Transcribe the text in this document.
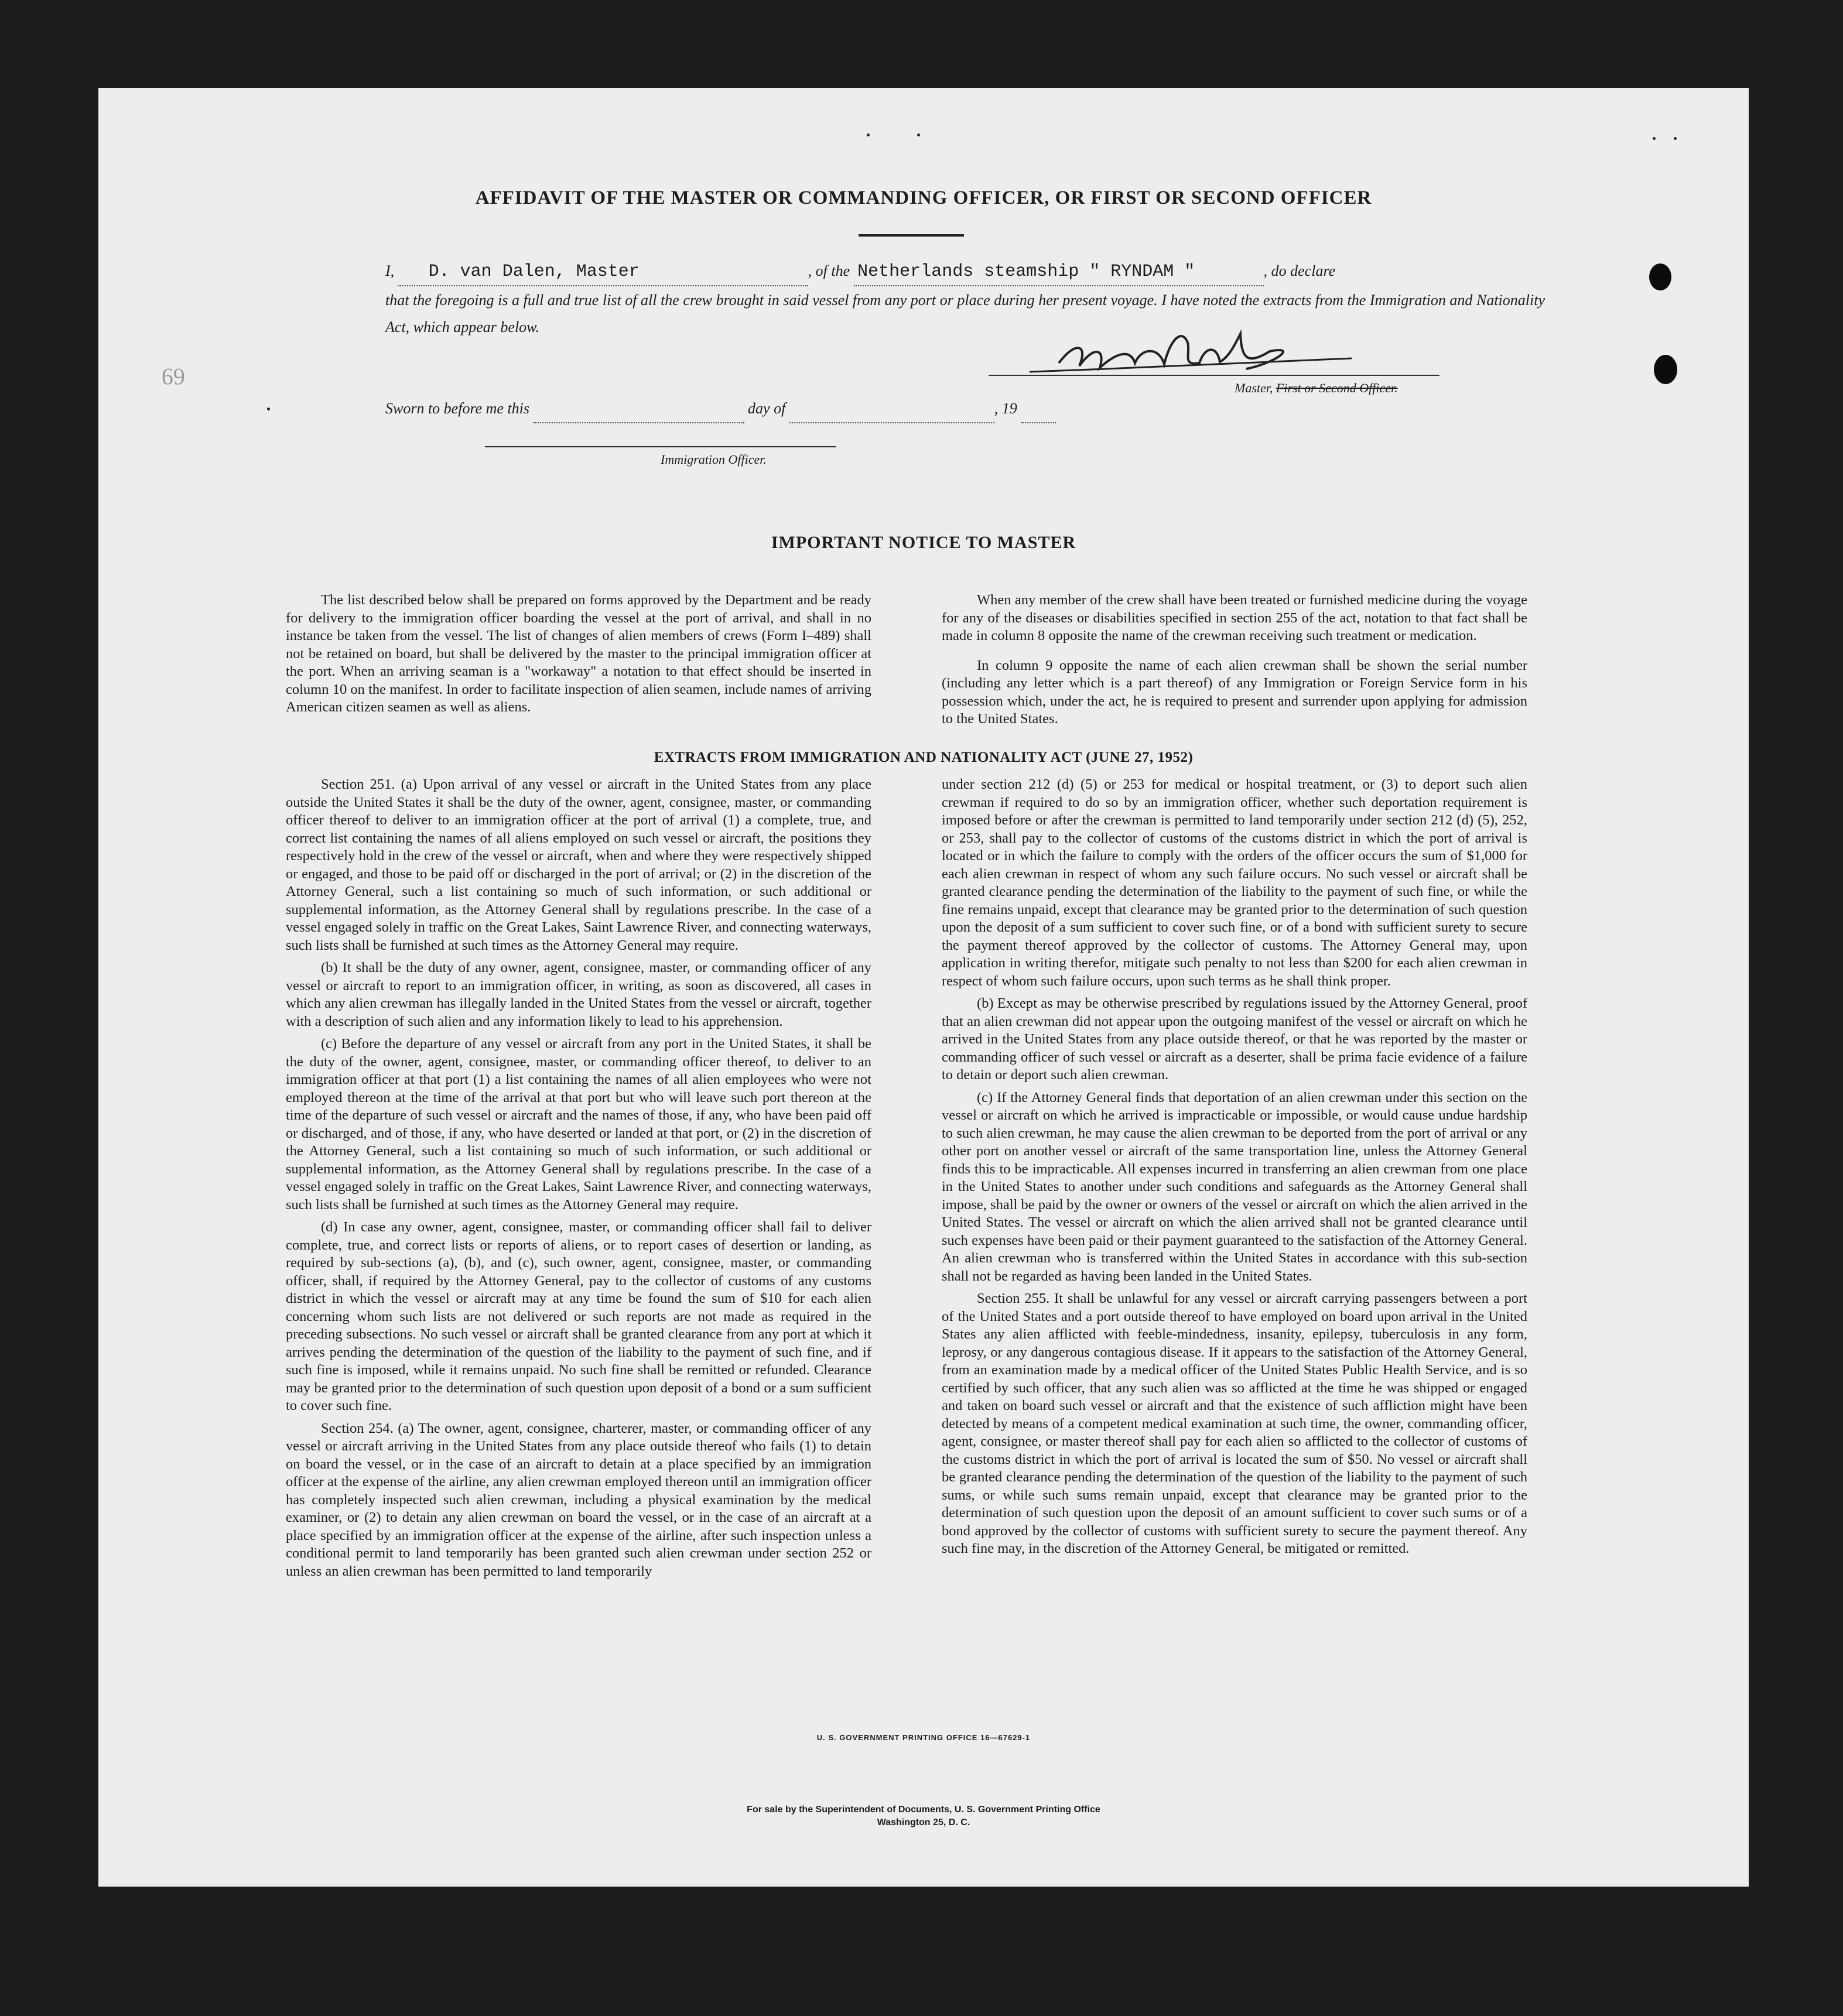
AFFIDAVIT OF THE MASTER OR COMMANDING OFFICER, OR FIRST OR SECOND OFFICER
I, D. van Dalen, Master	, of the Netherlands steamship " RYNDAM "	, do declare
that the foregoing is a full and true list of all the crew brought in said vessel from any port or place during her present voyage. I have noted the extracts from the Immigration and Nationality Act, which appear below.
Master, First or Second Officer.
Sworn to before me this	day of	, 19
Immigration Officer.
IMPORTANT NOTICE TO MASTER

The list described below shall be prepared on forms approved by the Department and be ready for delivery to the immigration officer boarding the vessel at the port of arrival, and shall in no instance be taken from the vessel. The list of changes of alien members of crews (Form I–489) shall not be retained on board, but shall be delivered by the master to the principal immigration officer at the port. When an arriving seaman is a "workaway" a notation to that effect should be inserted in column 10 on the manifest. In order to facilitate inspection of alien seamen, include names of arriving American citizen seamen as well as aliens.

When any member of the crew shall have been treated or furnished medicine during the voyage for any of the diseases or disabilities specified in section 255 of the act, notation to that fact shall be made in column 8 opposite the name of the crewman receiving such treatment or medication.

In column 9 opposite the name of each alien crewman shall be shown the serial number (including any letter which is a part thereof) of any Immigration or Foreign Service form in his possession which, under the act, he is required to present and surrender upon applying for admission to the United States.

EXTRACTS FROM IMMIGRATION AND NATIONALITY ACT (JUNE 27, 1952)

Section 251. (a) Upon arrival of any vessel or aircraft in the United States from any place outside the United States it shall be the duty of the owner, agent, consignee, master, or commanding officer thereof to deliver to an immigration officer at the port of arrival (1) a complete, true, and correct list containing the names of all aliens employed on such vessel or aircraft, the positions they respectively hold in the crew of the vessel or aircraft, when and where they were respectively shipped or engaged, and those to be paid off or discharged in the port of arrival; or (2) in the discretion of the Attorney General, such a list containing so much of such information, or such additional or supplemental information, as the Attorney General shall by regulations prescribe. In the case of a vessel engaged solely in traffic on the Great Lakes, Saint Lawrence River, and connecting waterways, such lists shall be furnished at such times as the Attorney General may require.

(b) It shall be the duty of any owner, agent, consignee, master, or commanding officer of any vessel or aircraft to report to an immigration officer, in writing, as soon as discovered, all cases in which any alien crewman has illegally landed in the United States from the vessel or aircraft, together with a description of such alien and any information likely to lead to his apprehension.

(c) Before the departure of any vessel or aircraft from any port in the United States, it shall be the duty of the owner, agent, consignee, master, or commanding officer thereof, to deliver to an immigration officer at that port (1) a list containing the names of all alien employees who were not employed thereon at the time of the arrival at that port but who will leave such port thereon at the time of the departure of such vessel or aircraft and the names of those, if any, who have been paid off or discharged, and of those, if any, who have deserted or landed at that port, or (2) in the discretion of the Attorney General, such a list containing so much of such information, or such additional or supplemental information, as the Attorney General shall by regulations prescribe. In the case of a vessel engaged solely in traffic on the Great Lakes, Saint Lawrence River, and connecting waterways, such lists shall be furnished at such times as the Attorney General may require.

(d) In case any owner, agent, consignee, master, or commanding officer shall fail to deliver complete, true, and correct lists or reports of aliens, or to report cases of desertion or landing, as required by sub-sections (a), (b), and (c), such owner, agent, consignee, master, or commanding officer, shall, if required by the Attorney General, pay to the collector of customs of any customs district in which the vessel or aircraft may at any time be found the sum of $10 for each alien concerning whom such lists are not delivered or such reports are not made as required in the preceding subsections. No such vessel or aircraft shall be granted clearance from any port at which it arrives pending the determination of the question of the liability to the payment of such fine, and if such fine is imposed, while it remains unpaid. No such fine shall be remitted or refunded. Clearance may be granted prior to the determination of such question upon deposit of a bond or a sum sufficient to cover such fine.

Section 254. (a) The owner, agent, consignee, charterer, master, or commanding officer of any vessel or aircraft arriving in the United States from any place outside thereof who fails (1) to detain on board the vessel, or in the case of an aircraft to detain at a place specified by an immigration officer at the expense of the airline, any alien crewman employed thereon until an immigration officer has completely inspected such alien crewman, including a physical examination by the medical examiner, or (2) to detain any alien crewman on board the vessel, or in the case of an aircraft at a place specified by an immigration officer at the expense of the airline, after such inspection unless a conditional permit to land temporarily has been granted such alien crewman under section 252 or unless an alien crewman has been permitted to land temporarily

under section 212 (d) (5) or 253 for medical or hospital treatment, or (3) to deport such alien crewman if required to do so by an immigration officer, whether such deportation requirement is imposed before or after the crewman is permitted to land temporarily under section 212 (d) (5), 252, or 253, shall pay to the collector of customs of the customs district in which the port of arrival is located or in which the failure to comply with the orders of the officer occurs the sum of $1,000 for each alien crewman in respect of whom any such failure occurs. No such vessel or aircraft shall be granted clearance pending the determination of the liability to the payment of such fine, or while the fine remains unpaid, except that clearance may be granted prior to the determination of such question upon the deposit of a sum sufficient to cover such fine, or of a bond with sufficient surety to secure the payment thereof approved by the collector of customs. The Attorney General may, upon application in writing therefor, mitigate such penalty to not less than $200 for each alien crewman in respect of whom such failure occurs, upon such terms as he shall think proper.

(b) Except as may be otherwise prescribed by regulations issued by the Attorney General, proof that an alien crewman did not appear upon the outgoing manifest of the vessel or aircraft on which he arrived in the United States from any place outside thereof, or that he was reported by the master or commanding officer of such vessel or aircraft as a deserter, shall be prima facie evidence of a failure to detain or deport such alien crewman.

(c) If the Attorney General finds that deportation of an alien crewman under this section on the vessel or aircraft on which he arrived is impracticable or impossible, or would cause undue hardship to such alien crewman, he may cause the alien crewman to be deported from the port of arrival or any other port on another vessel or aircraft of the same transportation line, unless the Attorney General finds this to be impracticable. All expenses incurred in transferring an alien crewman from one place in the United States to another under such conditions and safeguards as the Attorney General shall impose, shall be paid by the owner or owners of the vessel or aircraft on which the alien arrived in the United States. The vessel or aircraft on which the alien arrived shall not be granted clearance until such expenses have been paid or their payment guaranteed to the satisfaction of the Attorney General. An alien crewman who is transferred within the United States in accordance with this sub-section shall not be regarded as having been landed in the United States.

Section 255. It shall be unlawful for any vessel or aircraft carrying passengers between a port of the United States and a port outside thereof to have employed on board upon arrival in the United States any alien afflicted with feeble-mindedness, insanity, epilepsy, tuberculosis in any form, leprosy, or any dangerous contagious disease. If it appears to the satisfaction of the Attorney General, from an examination made by a medical officer of the United States Public Health Service, and is so certified by such officer, that any such alien was so afflicted at the time he was shipped or engaged and taken on board such vessel or aircraft and that the existence of such affliction might have been detected by means of a competent medical examination at such time, the owner, commanding officer, agent, consignee, or master thereof shall pay for each alien so afflicted to the collector of customs of the customs district in which the port of arrival is located the sum of $50. No vessel or aircraft shall be granted clearance pending the determination of the question of the liability to the payment of such sums, or while such sums remain unpaid, except that clearance may be granted prior to the determination of such question upon the deposit of an amount sufficient to cover such sums or of a bond approved by the collector of customs with sufficient surety to secure the payment thereof. Any such fine may, in the discretion of the Attorney General, be mitigated or remitted.

U. S. GOVERNMENT PRINTING OFFICE 16—67629-1
For sale by the Superintendent of Documents, U. S. Government Printing Office
Washington 25, D. C.
69
